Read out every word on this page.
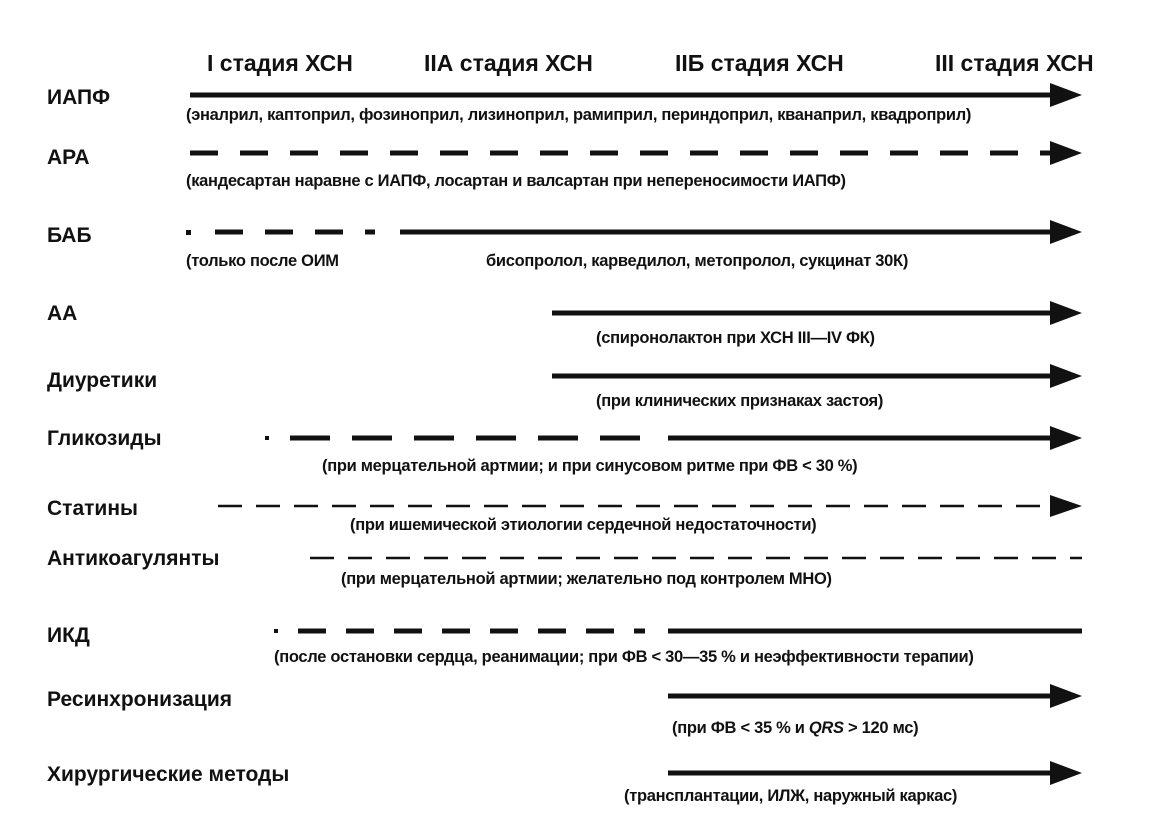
I стадия ХСН	IIА стадия ХСН	IIБ стадия ХСН	III стадия ХСН
ИАПФ
АРА
БАБ
АА
Диуретики
Гликозиды
Статины
Антикоагулянты
ИКД
Ресинхронизация
Хирургические методы
(эналрил, каптоприл, фозиноприл, лизиноприл, рамиприл, периндоприл, кванаприл, квадроприл)
(кандесартан наравне с ИАПФ, лосартан и валсартан при непереносимости ИАПФ)
(только после ОИМ	бисопролол, карведилол, метопролол, сукцинат 30К)
(спиронолактон при ХСН III—IV ФК)
(при клинических признаках застоя)
(при мерцательной артмии; и при синусовом ритме при ФВ < 30 %)
(при ишемической этиологии сердечной недостаточности)
(при мерцательной артмии; желательно под контролем МНО)
(после остановки сердца, реанимации; при ФВ < 30—35 % и неэффективности терапии)
(при ФВ < 35 % и QRS > 120 мс)
(трансплантации, ИЛЖ, наружный каркас)
